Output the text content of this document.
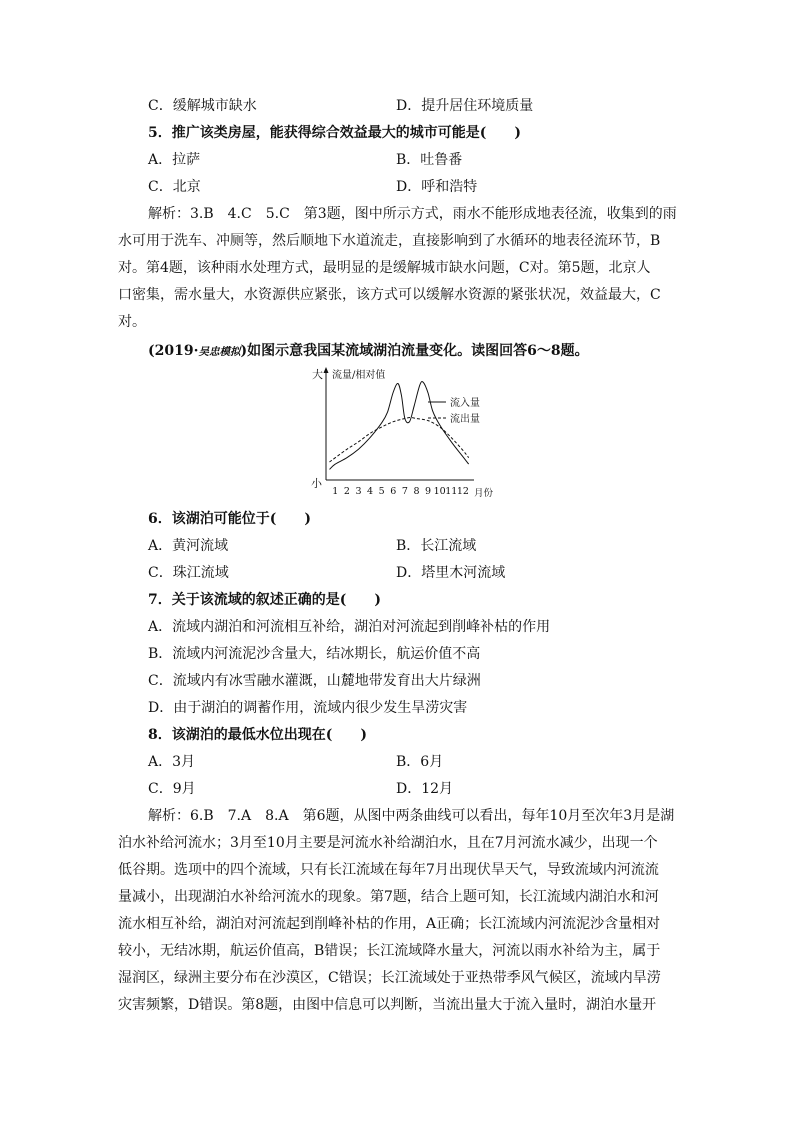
C．缓解城市缺水	D．提升居住环境质量
5．推广该类房屋，能获得综合效益最大的城市可能是(　　)
A．拉萨	B．吐鲁番
C．北京	D．呼和浩特
解析：3.B　4.C　5.C　第3题，图中所示方式，雨水不能形成地表径流，收集到的雨
水可用于洗车、冲厕等，然后顺地下水道流走，直接影响到了水循环的地表径流环节，B
对。第4题，该种雨水处理方式，最明显的是缓解城市缺水问题，C对。第5题，北京人
口密集，需水量大，水资源供应紧张，该方式可以缓解水资源的紧张状况，效益最大，C
对。
(2019·吴忠模拟)如图示意我国某流域湖泊流量变化。读图回答6～8题。
大
小
流量/相对值
1 2 3 4 5 6 7 8 9 10 11 12 月份
流入量
流出量
6．该湖泊可能位于(　　)
A．黄河流域	B．长江流域
C．珠江流域	D．塔里木河流域
7．关于该流域的叙述正确的是(　　)
A．流域内湖泊和河流相互补给，湖泊对河流起到削峰补枯的作用
B．流域内河流泥沙含量大，结冰期长，航运价值不高
C．流域内有冰雪融水灌溉，山麓地带发育出大片绿洲
D．由于湖泊的调蓄作用，流域内很少发生旱涝灾害
8．该湖泊的最低水位出现在(　　)
A．3月	B．6月
C．9月	D．12月
解析：6.B　7.A　8.A　第6题，从图中两条曲线可以看出，每年10月至次年3月是湖
泊水补给河流水；3月至10月主要是河流水补给湖泊水，且在7月河流水减少，出现一个
低谷期。选项中的四个流域，只有长江流域在每年7月出现伏旱天气，导致流域内河流流
量减小，出现湖泊水补给河流水的现象。第7题，结合上题可知，长江流域内湖泊水和河
流水相互补给，湖泊对河流起到削峰补枯的作用，A正确；长江流域内河流泥沙含量相对
较小，无结冰期，航运价值高，B错误；长江流域降水量大，河流以雨水补给为主，属于
湿润区，绿洲主要分布在沙漠区，C错误；长江流域处于亚热带季风气候区，流域内旱涝
灾害频繁，D错误。第8题，由图中信息可以判断，当流出量大于流入量时，湖泊水量开
